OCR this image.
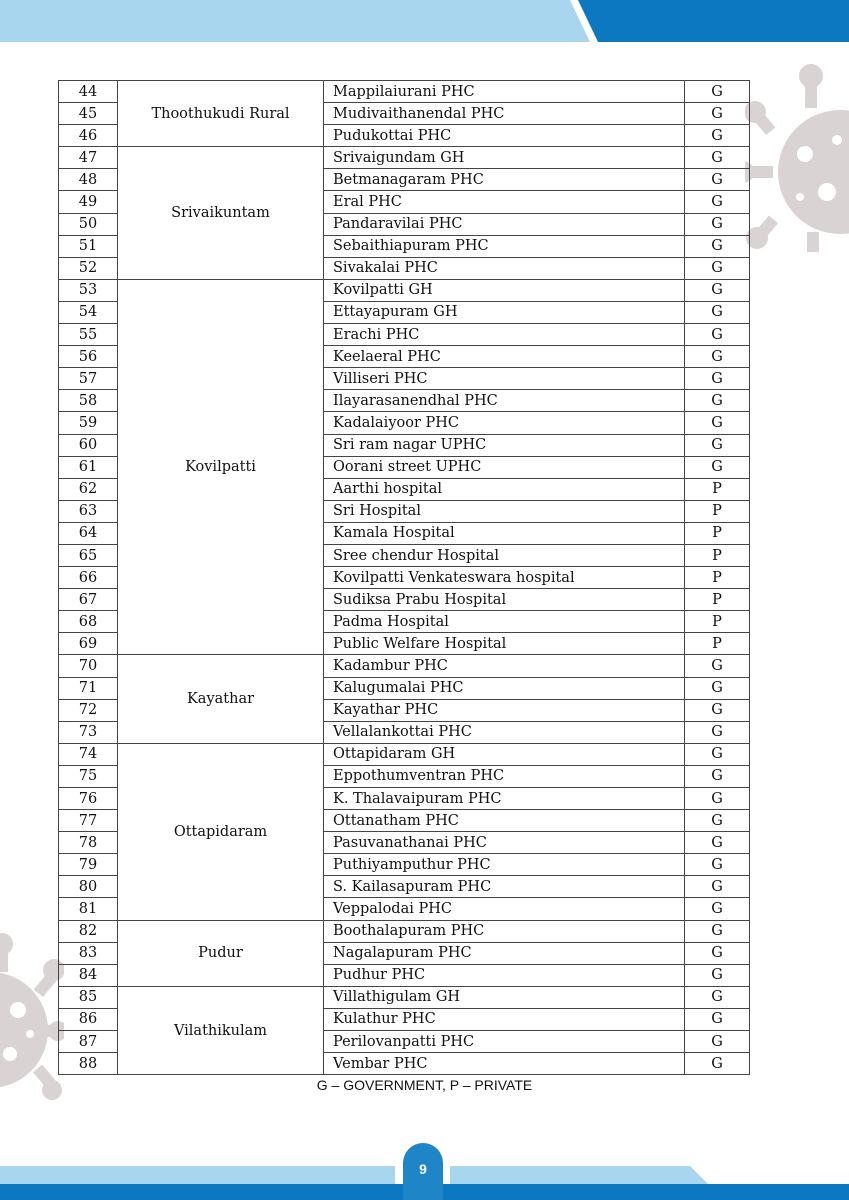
44	Thoothukudi Rural	Mappilaiurani PHC	G
45		Mudivaithanendal PHC	G
46		Pudukottai PHC	G
47	Srivaikuntam	Srivaigundam GH	G
48		Betmanagaram PHC	G
49		Eral PHC	G
50		Pandaravilai PHC	G
51		Sebaithiapuram PHC	G
52		Sivakalai PHC	G
53	Kovilpatti	Kovilpatti GH	G
54		Ettayapuram GH	G
55		Erachi PHC	G
56		Keelaeral PHC	G
57		Villiseri PHC	G
58		Ilayarasanendhal PHC	G
59		Kadalaiyoor PHC	G
60		Sri ram nagar UPHC	G
61		Oorani street UPHC	G
62		Aarthi hospital	P
63		Sri Hospital	P
64		Kamala Hospital	P
65		Sree chendur Hospital	P
66		Kovilpatti Venkateswara hospital	P
67		Sudiksa Prabu Hospital	P
68		Padma Hospital	P
69		Public Welfare Hospital	P
70	Kayathar	Kadambur PHC	G
71		Kalugumalai PHC	G
72		Kayathar PHC	G
73		Vellalankottai PHC	G
74	Ottapidaram	Ottapidaram GH	G
75		Eppothumventran PHC	G
76		K. Thalavaipuram PHC	G
77		Ottanatham PHC	G
78		Pasuvanathanai PHC	G
79		Puthiyamputhur PHC	G
80		S. Kailasapuram PHC	G
81		Veppalodai PHC	G
82	Pudur	Boothalapuram PHC	G
83		Nagalapuram PHC	G
84		Pudhur PHC	G
85	Vilathikulam	Villathigulam GH	G
86		Kulathur PHC	G
87		Perilovanpatti PHC	G
88		Vembar PHC	G
G – GOVERNMENT, P – PRIVATE
9
